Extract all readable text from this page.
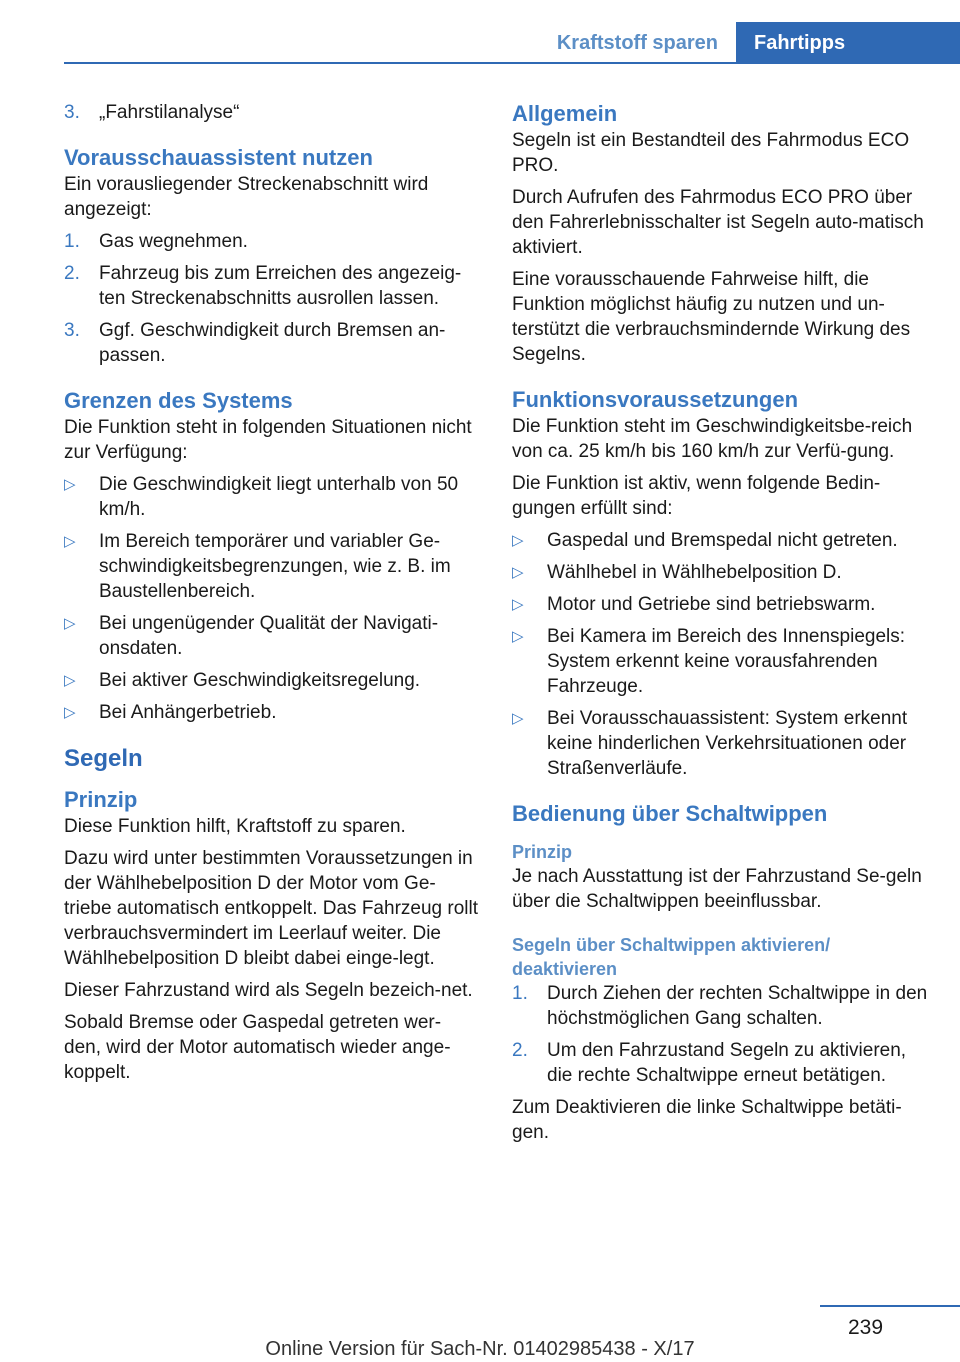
Kraftstoff sparen	Fahrtipps
3.	„Fahrstilanalyse“
Vorausschauassistent nutzen

Ein vorausliegender Streckenabschnitt wird angezeigt:

1.	Gas wegnehmen.
2.	Fahrzeug bis zum Erreichen des angezeig-ten Streckenabschnitts ausrollen lassen.
3.	Ggf. Geschwindigkeit durch Bremsen an-passen.
Grenzen des Systems

Die Funktion steht in folgenden Situationen nicht zur Verfügung:

▷	Die Geschwindigkeit liegt unterhalb von 50 km/h.
▷	Im Bereich temporärer und variabler Ge-schwindigkeitsbegrenzungen, wie z. B. im Baustellenbereich.
▷	Bei ungenügender Qualität der Navigati-onsdaten.
▷	Bei aktiver Geschwindigkeitsregelung.
▷	Bei Anhängerbetrieb.
Segeln
Prinzip

Diese Funktion hilft, Kraftstoff zu sparen.

Dazu wird unter bestimmten Voraussetzungen in der Wählhebelposition D der Motor vom Ge-triebe automatisch entkoppelt. Das Fahrzeug rollt verbrauchsvermindert im Leerlauf weiter. Die Wählhebelposition D bleibt dabei einge-legt.

Dieser Fahrzustand wird als Segeln bezeich-net.

Sobald Bremse oder Gaspedal getreten wer-den, wird der Motor automatisch wieder ange-koppelt.

Allgemein

Segeln ist ein Bestandteil des Fahrmodus ECO PRO.

Durch Aufrufen des Fahrmodus ECO PRO über den Fahrerlebnisschalter ist Segeln auto-matisch aktiviert.

Eine vorausschauende Fahrweise hilft, die Funktion möglichst häufig zu nutzen und un-terstützt die verbrauchsmindernde Wirkung des Segelns.

Funktionsvoraussetzungen

Die Funktion steht im Geschwindigkeitsbe-reich von ca. 25 km/h bis 160 km/h zur Verfü-gung.

Die Funktion ist aktiv, wenn folgende Bedin-gungen erfüllt sind:

▷	Gaspedal und Bremspedal nicht getreten.
▷	Wählhebel in Wählhebelposition D.
▷	Motor und Getriebe sind betriebswarm.
▷	Bei Kamera im Bereich des Innenspiegels: System erkennt keine vorausfahrenden Fahrzeuge.
▷	Bei Vorausschauassistent: System erkennt keine hinderlichen Verkehrsituationen oder Straßenverläufe.
Bedienung über Schaltwippen
Prinzip

Je nach Ausstattung ist der Fahrzustand Se-geln über die Schaltwippen beeinflussbar.

Segeln über Schaltwippen aktivieren/ deaktivieren
1.	Durch Ziehen der rechten Schaltwippe in den höchstmöglichen Gang schalten.
2.	Um den Fahrzustand Segeln zu aktivieren, die rechte Schaltwippe erneut betätigen.

Zum Deaktivieren die linke Schaltwippe betäti-gen.

239
Online Version für Sach-Nr. 01402985438 - X/17
